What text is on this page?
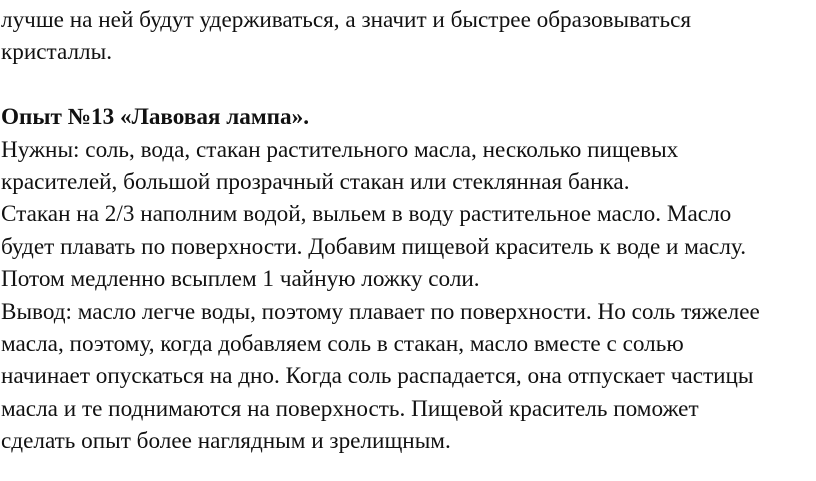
лучше на ней будут удерживаться, а значит и быстрее образовываться
кристаллы.
Опыт №13 «Лавовая лампа».
Нужны: соль, вода, стакан растительного масла, несколько пищевых
красителей, большой прозрачный стакан или стеклянная банка.
Стакан на 2/3 наполним водой, выльем в воду растительное масло. Масло
будет плавать по поверхности. Добавим пищевой краситель к воде и маслу.
Потом медленно всыплем 1 чайную ложку соли.
Вывод: масло легче воды, поэтому плавает по поверхности. Но соль тяжелее
масла, поэтому, когда добавляем соль в стакан, масло вместе с солью
начинает опускаться на дно. Когда соль распадается, она отпускает частицы
масла и те поднимаются на поверхность. Пищевой краситель поможет
сделать опыт более наглядным и зрелищным.
